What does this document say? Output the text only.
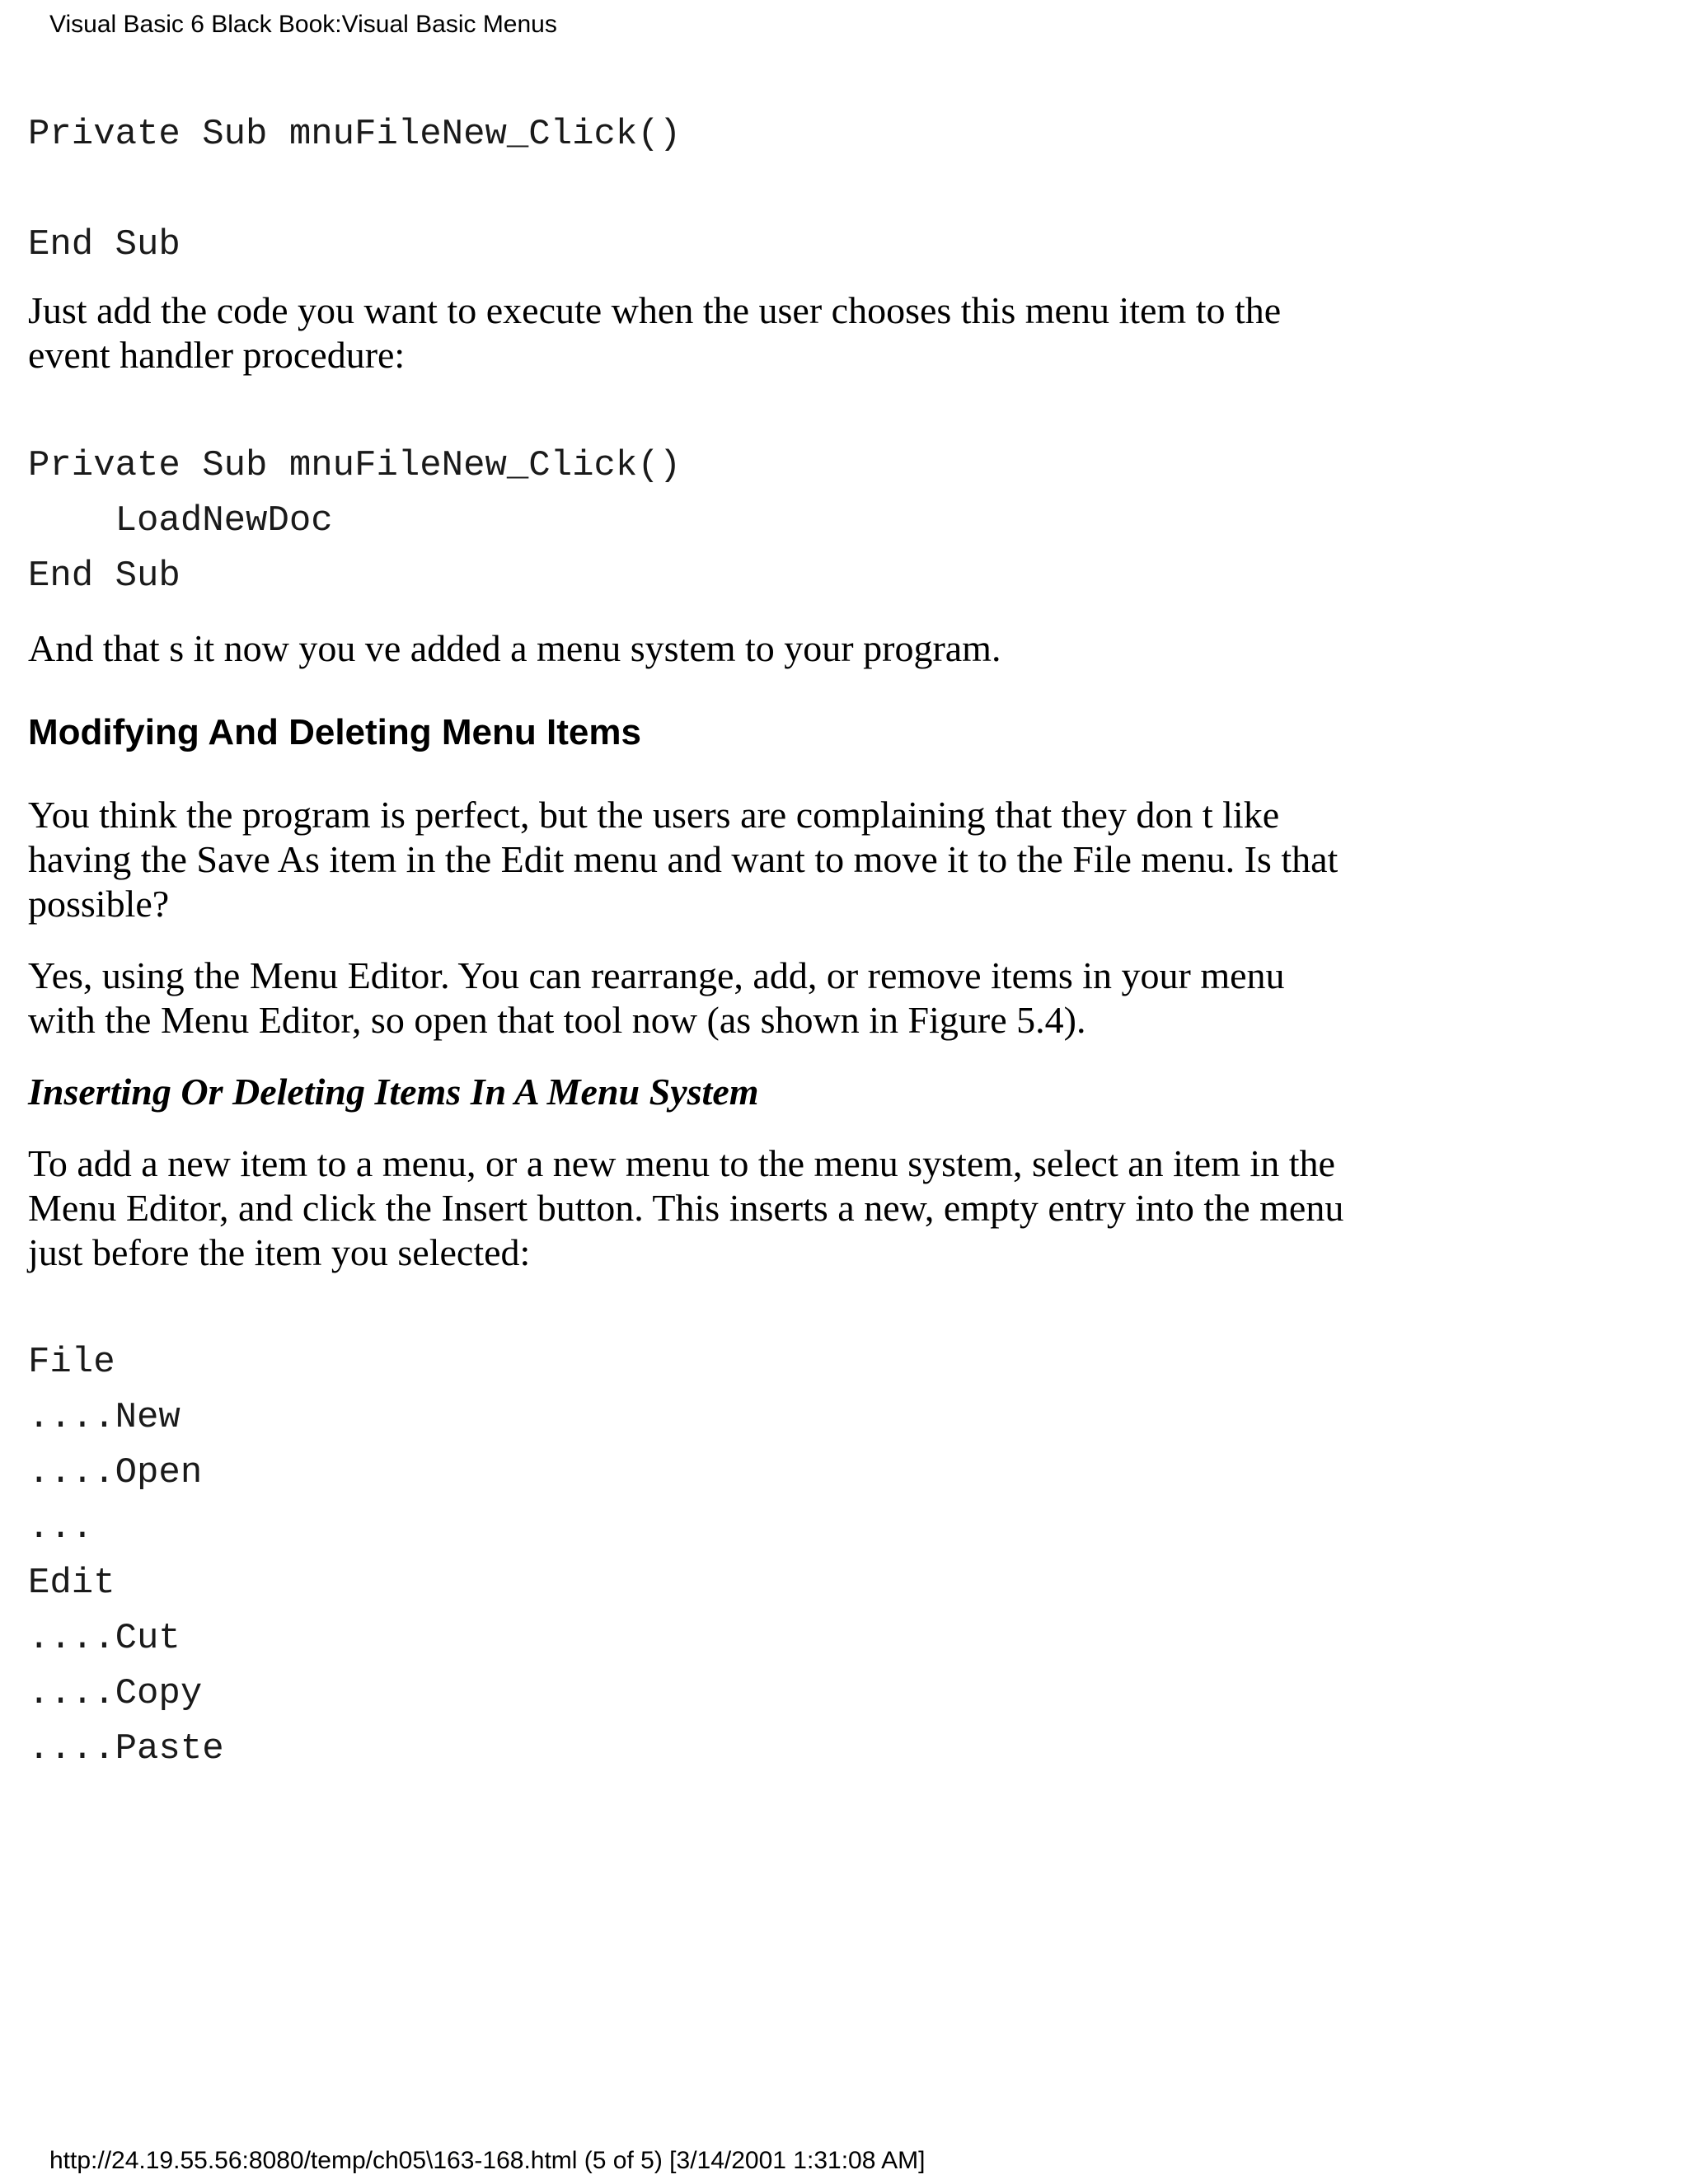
Visual Basic 6 Black Book:Visual Basic Menus
Private Sub mnuFileNew_Click()

End Sub

Just add the code you want to execute when the user chooses this menu item to the event handler procedure:

Private Sub mnuFileNew_Click()
LoadNewDoc
End Sub

And that s it now you ve added a menu system to your program.

Modifying And Deleting Menu Items

You think the program is perfect, but the users are complaining that they don t like having the Save As item in the Edit menu and want to move it to the File menu. Is that possible?

Yes, using the Menu Editor. You can rearrange, add, or remove items in your menu with the Menu Editor, so open that tool now (as shown in Figure 5.4).

Inserting Or Deleting Items In A Menu System

To add a new item to a menu, or a new menu to the menu system, select an item in the Menu Editor, and click the Insert button. This inserts a new, empty entry into the menu just before the item you selected:

File
....New
....Open
...
Edit
....Cut
....Copy
....Paste
http://24.19.55.56:8080/temp/ch05\163-168.html (5 of 5) [3/14/2001 1:31:08 AM]
